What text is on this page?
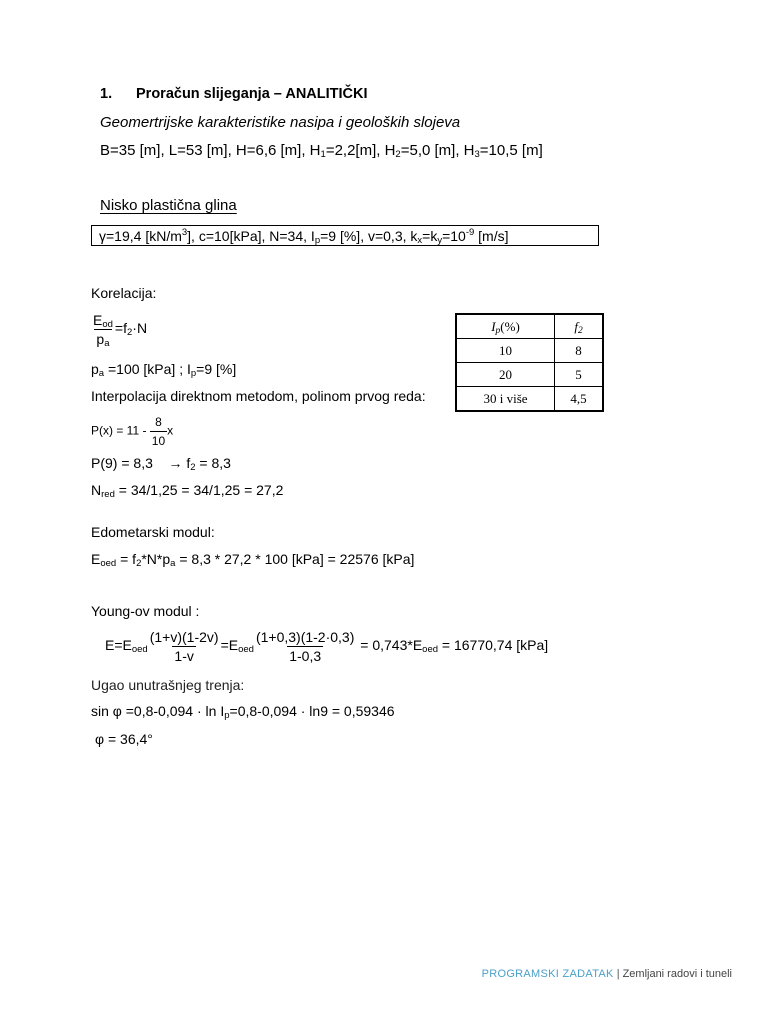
1. Proračun slijeganja – ANALITIČKI
Geomertrijske karakteristike nasipa i geoloških slojeva
B=35 [m], L=53 [m], H=6,6 [m], $H_1=2,2[m]$, $H_2=5,0$ [m], $H_3=10,5$ [m]
Nisko plastična glina
γ=19,4 $[kN/m^3]$, c=10[kPa], N=34, $I_p=9$ [%], v=0,3, $k_x=k_y=10^{-9}$ [m/s]
Korelacija:
$\frac{E_{od}}{p_a} =f_2\cdot N$
$p_a =100$ [kPa] ; $I_p=9$ [%]
Interpolacija direktnom metodom, polinom prvog reda:
$P(x) = 11 - \frac{8}{10}$ x
$P(9) = 8,3 \to f_2 = 8,3$
$N_{red} = 34/1,25 = 34/1,25 = 27,2$
$I_p(\%)$	$f_2$
10	8
20	5
30 i više	4,5
Edometarski modul:
$E_{oed} = f_2*N*p_a = 8,3 * 27,2 * 100$ [kPa] = 22576 [kPa]
Young-ov modul :
$E=E_{oed} \frac{(1+v)(1-2v)}{1-v} =E_{oed} \frac{(1+0,3)(1-2\cdot 0,3)}{1-0,3} = 0,743*E_{oed} = 16770,74$ [kPa]
Ugao unutrašnjeg trenja:
$\sin \varphi =0,8-0,094 \cdot \ln I_p=0,8-0,094 \cdot \ln 9 = 0,59346$
φ = 36,4°
PROGRAMSKI ZADATAK | Zemljani radovi i tuneli
